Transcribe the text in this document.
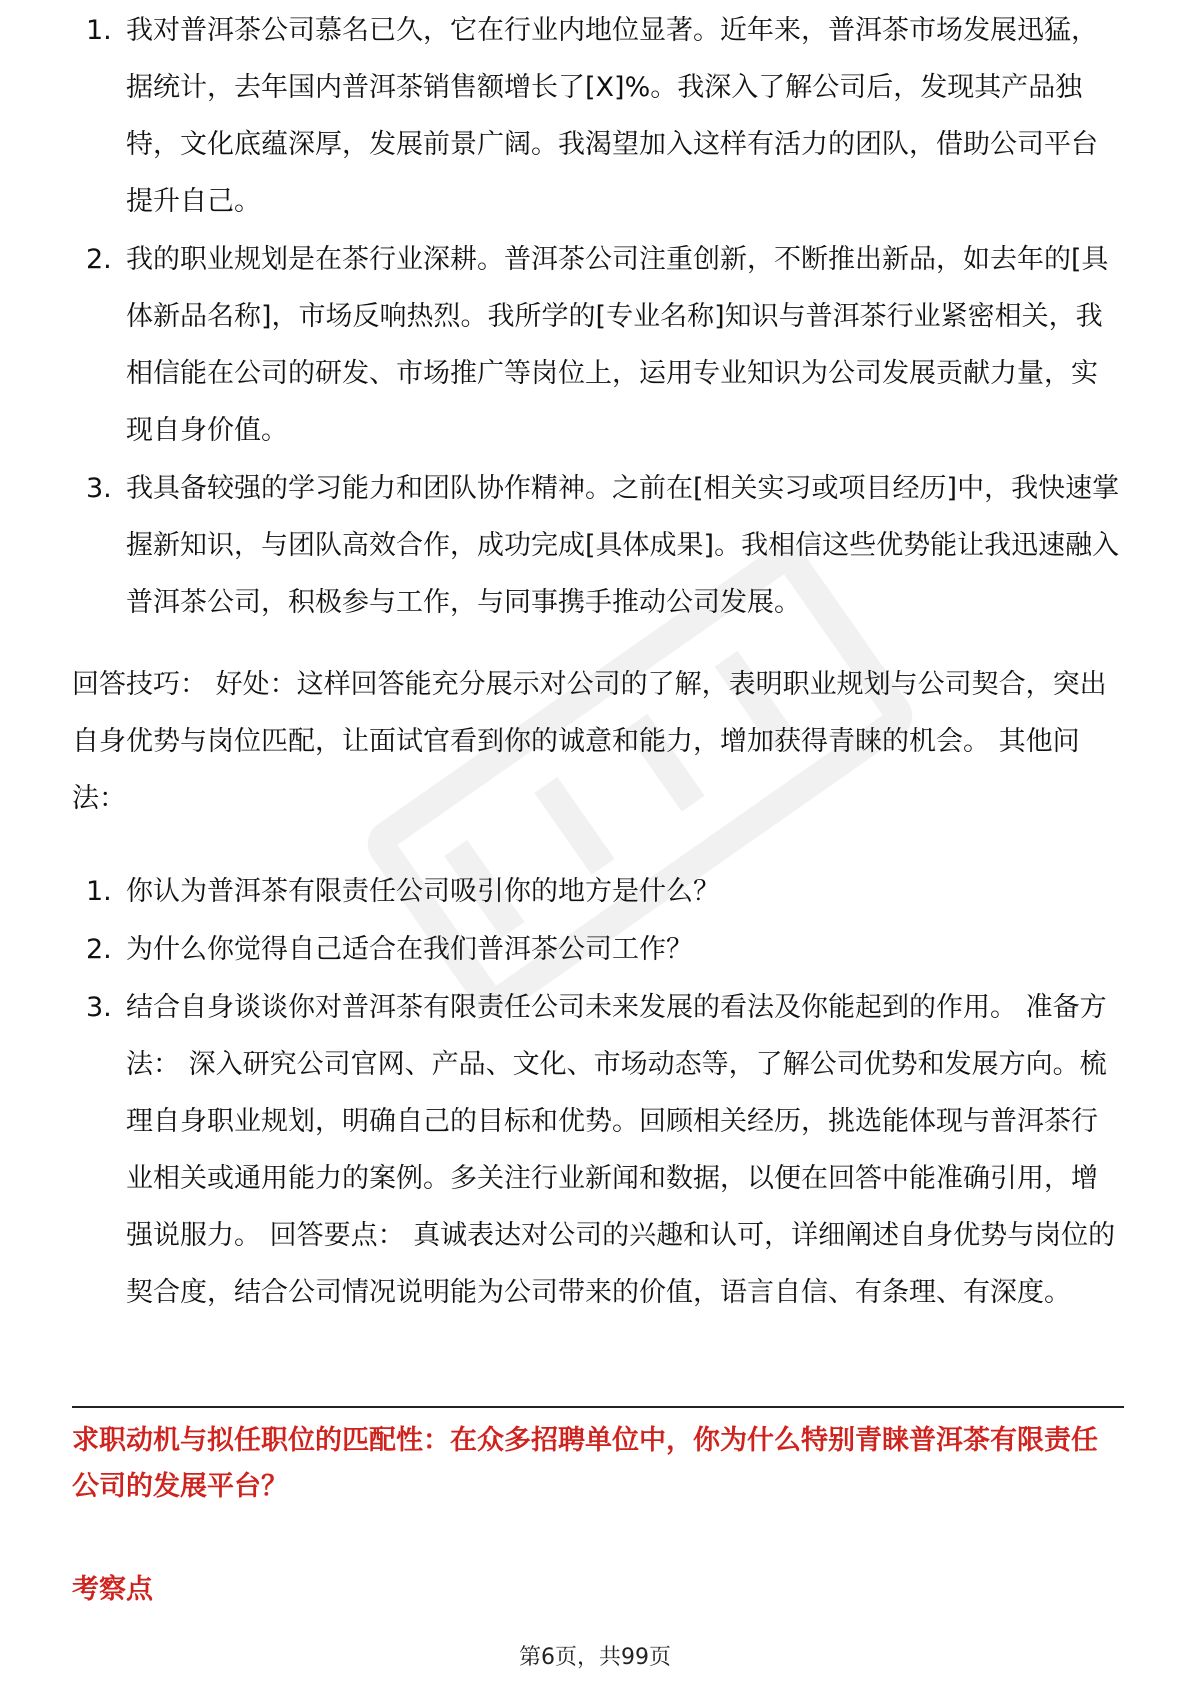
1. 我对普洱茶公司慕名已久，它在行业内地位显著。近年来，普洱茶市场发展迅猛，据统计，去年国内普洱茶销售额增长了[X]%。我深入了解公司后，发现其产品独特，文化底蕴深厚，发展前景广阔。我渴望加入这样有活力的团队，借助公司平台提升自己。
2. 我的职业规划是在茶行业深耕。普洱茶公司注重创新，不断推出新品，如去年的[具体新品名称]，市场反响热烈。我所学的[专业名称]知识与普洱茶行业紧密相关，我相信能在公司的研发、市场推广等岗位上，运用专业知识为公司发展贡献力量，实现自身价值。
3. 我具备较强的学习能力和团队协作精神。之前在[相关实习或项目经历]中，我快速掌握新知识，与团队高效合作，成功完成[具体成果]。我相信这些优势能让我迅速融入普洱茶公司，积极参与工作，与同事携手推动公司发展。

回答技巧： 好处：这样回答能充分展示对公司的了解，表明职业规划与公司契合，突出自身优势与岗位匹配，让面试官看到你的诚意和能力，增加获得青睐的机会。 其他问法：

1. 你认为普洱茶有限责任公司吸引你的地方是什么？
2. 为什么你觉得自己适合在我们普洱茶公司工作？
3. 结合自身谈谈你对普洱茶有限责任公司未来发展的看法及你能起到的作用。 准备方法： 深入研究公司官网、产品、文化、市场动态等，了解公司优势和发展方向。梳理自身职业规划，明确自己的目标和优势。回顾相关经历，挑选能体现与普洱茶行业相关或通用能力的案例。多关注行业新闻和数据，以便在回答中能准确引用，增强说服力。 回答要点： 真诚表达对公司的兴趣和认可，详细阐述自身优势与岗位的契合度，结合公司情况说明能为公司带来的价值，语言自信、有条理、有深度。

求职动机与拟任职位的匹配性：在众多招聘单位中，你为什么特别青睐普洱茶有限责任公司的发展平台？

考察点

第6页，共99页
